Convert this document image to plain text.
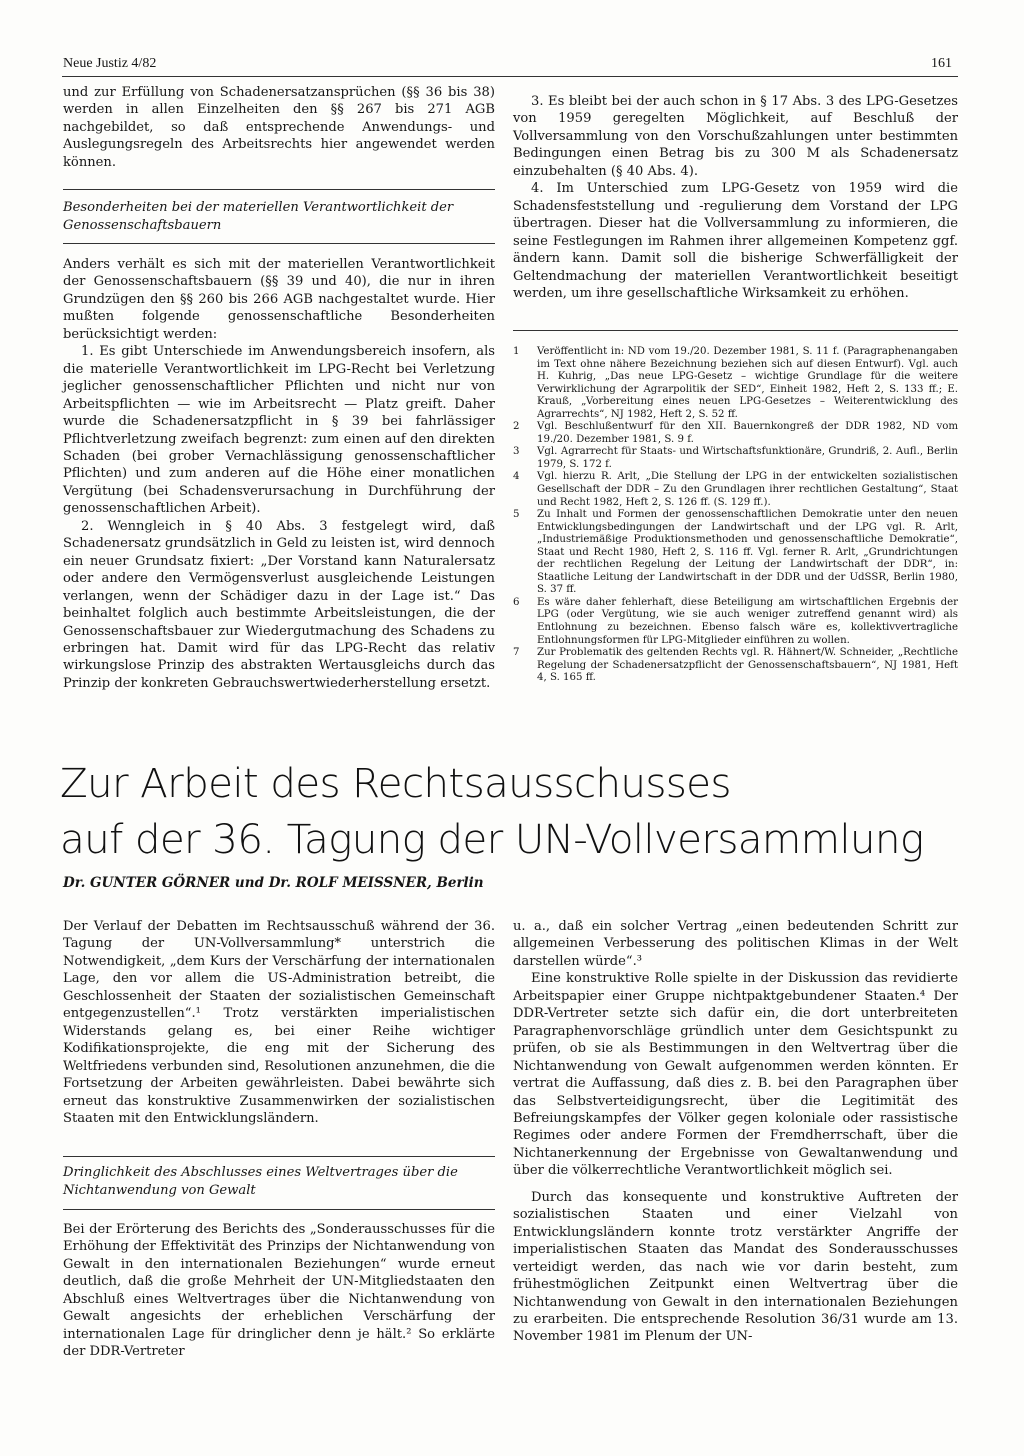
Neue Justiz 4/82	161

und zur Erfüllung von Schadenersatzansprüchen (§§ 36 bis 38) werden in allen Einzelheiten den §§ 267 bis 271 AGB nachgebildet, so daß entsprechende Anwendungs- und Auslegungsregeln des Arbeitsrechts hier angewendet werden können.

Besonderheiten bei der materiellen Verantwortlichkeit der Genossenschaftsbauern

Anders verhält es sich mit der materiellen Verantwortlichkeit der Genossenschaftsbauern (§§ 39 und 40), die nur in ihren Grundzügen den §§ 260 bis 266 AGB nachgestaltet wurde. Hier mußten folgende genossenschaftliche Besonderheiten berücksichtigt werden:

1. Es gibt Unterschiede im Anwendungsbereich insofern, als die materielle Verantwortlichkeit im LPG-Recht bei Verletzung jeglicher genossenschaftlicher Pflichten und nicht nur von Arbeitspflichten — wie im Arbeitsrecht — Platz greift. Daher wurde die Schadenersatzpflicht in § 39 bei fahrlässiger Pflichtverletzung zweifach begrenzt: zum einen auf den direkten Schaden (bei grober Vernachlässigung genossenschaftlicher Pflichten) und zum anderen auf die Höhe einer monatlichen Vergütung (bei Schadensverursachung in Durchführung der genossenschaftlichen Arbeit).

2. Wenngleich in § 40 Abs. 3 festgelegt wird, daß Schadenersatz grundsätzlich in Geld zu leisten ist, wird dennoch ein neuer Grundsatz fixiert: „Der Vorstand kann Naturalersatz oder andere den Vermögensverlust ausgleichende Leistungen verlangen, wenn der Schädiger dazu in der Lage ist.“ Das beinhaltet folglich auch bestimmte Arbeitsleistungen, die der Genossenschaftsbauer zur Wiedergutmachung des Schadens zu erbringen hat. Damit wird für das LPG-Recht das relativ wirkungslose Prinzip des abstrakten Wertausgleichs durch das Prinzip der konkreten Gebrauchswertwiederherstellung ersetzt.

3. Es bleibt bei der auch schon in § 17 Abs. 3 des LPG-Gesetzes von 1959 geregelten Möglichkeit, auf Beschluß der Vollversammlung von den Vorschußzahlungen unter bestimmten Bedingungen einen Betrag bis zu 300 M als Schadenersatz einzubehalten (§ 40 Abs. 4).

4. Im Unterschied zum LPG-Gesetz von 1959 wird die Schadensfeststellung und -regulierung dem Vorstand der LPG übertragen. Dieser hat die Vollversammlung zu informieren, die seine Festlegungen im Rahmen ihrer allgemeinen Kompetenz ggf. ändern kann. Damit soll die bisherige Schwerfälligkeit der Geltendmachung der materiellen Verantwortlichkeit beseitigt werden, um ihre gesellschaftliche Wirksamkeit zu erhöhen.

1	Veröffentlicht in: ND vom 19./20. Dezember 1981, S. 11 f. (Paragraphenangaben im Text ohne nähere Bezeichnung beziehen sich auf diesen Entwurf). Vgl. auch H. Kuhrig, „Das neue LPG-Gesetz – wichtige Grundlage für die weitere Verwirklichung der Agrarpolitik der SED“, Einheit 1982, Heft 2, S. 133 ff.; E. Krauß, „Vorbereitung eines neuen LPG-Gesetzes – Weiterentwicklung des Agrarrechts“, NJ 1982, Heft 2, S. 52 ff.
2	Vgl. Beschlußentwurf für den XII. Bauernkongreß der DDR 1982, ND vom 19./20. Dezember 1981, S. 9 f.
3	Vgl. Agrarrecht für Staats- und Wirtschaftsfunktionäre, Grundriß, 2. Aufl., Berlin 1979, S. 172 f.
4	Vgl. hierzu R. Arlt, „Die Stellung der LPG in der entwickelten sozialistischen Gesellschaft der DDR – Zu den Grundlagen ihrer rechtlichen Gestaltung“, Staat und Recht 1982, Heft 2, S. 126 ff. (S. 129 ff.).
5	Zu Inhalt und Formen der genossenschaftlichen Demokratie unter den neuen Entwicklungsbedingungen der Landwirtschaft und der LPG vgl. R. Arlt, „Industriemäßige Produktionsmethoden und genossenschaftliche Demokratie“, Staat und Recht 1980, Heft 2, S. 116 ff. Vgl. ferner R. Arlt, „Grundrichtungen der rechtlichen Regelung der Leitung der Landwirtschaft der DDR“, in: Staatliche Leitung der Landwirtschaft in der DDR und der UdSSR, Berlin 1980, S. 37 ff.
6	Es wäre daher fehlerhaft, diese Beteiligung am wirtschaftlichen Ergebnis der LPG (oder Vergütung, wie sie auch weniger zutreffend genannt wird) als Entlohnung zu bezeichnen. Ebenso falsch wäre es, kollektivvertragliche Entlohnungsformen für LPG-Mitglieder einführen zu wollen.
7	Zur Problematik des geltenden Rechts vgl. R. Hähnert/W. Schneider, „Rechtliche Regelung der Schadenersatzpflicht der Genossenschaftsbauern“, NJ 1981, Heft 4, S. 165 ff.
Zur Arbeit des Rechtsausschusses
auf der 36. Tagung der UN-Vollversammlung
Dr. GUNTER GÖRNER und Dr. ROLF MEISSNER, Berlin

Der Verlauf der Debatten im Rechtsausschuß während der 36. Tagung der UN-Vollversammlung* unterstrich die Notwendigkeit, „dem Kurs der Verschärfung der internationalen Lage, den vor allem die US-Administration betreibt, die Geschlossenheit der Staaten der sozialistischen Gemeinschaft entgegenzustellen“.¹ Trotz verstärkten imperialistischen Widerstands gelang es, bei einer Reihe wichtiger Kodifikationsprojekte, die eng mit der Sicherung des Weltfriedens verbunden sind, Resolutionen anzunehmen, die die Fortsetzung der Arbeiten gewährleisten. Dabei bewährte sich erneut das konstruktive Zusammenwirken der sozialistischen Staaten mit den Entwicklungsländern.

Dringlichkeit des Abschlusses eines Weltvertrages über die Nichtanwendung von Gewalt

Bei der Erörterung des Berichts des „Sonderausschusses für die Erhöhung der Effektivität des Prinzips der Nichtanwendung von Gewalt in den internationalen Beziehungen“ wurde erneut deutlich, daß die große Mehrheit der UN-Mitgliedstaaten den Abschluß eines Weltvertrages über die Nichtanwendung von Gewalt angesichts der erheblichen Verschärfung der internationalen Lage für dringlicher denn je hält.² So erklärte der DDR-Vertreter

u. a., daß ein solcher Vertrag „einen bedeutenden Schritt zur allgemeinen Verbesserung des politischen Klimas in der Welt darstellen würde“.³

Eine konstruktive Rolle spielte in der Diskussion das revidierte Arbeitspapier einer Gruppe nichtpaktgebundener Staaten.⁴ Der DDR-Vertreter setzte sich dafür ein, die dort unterbreiteten Paragraphenvorschläge gründlich unter dem Gesichtspunkt zu prüfen, ob sie als Bestimmungen in den Weltvertrag über die Nichtanwendung von Gewalt aufgenommen werden könnten. Er vertrat die Auffassung, daß dies z. B. bei den Paragraphen über das Selbstverteidigungsrecht, über die Legitimität des Befreiungskampfes der Völker gegen koloniale oder rassistische Regimes oder andere Formen der Fremdherrschaft, über die Nichtanerkennung der Ergebnisse von Gewaltanwendung und über die völkerrechtliche Verantwortlichkeit möglich sei.

Durch das konsequente und konstruktive Auftreten der sozialistischen Staaten und einer Vielzahl von Entwicklungsländern konnte trotz verstärkter Angriffe der imperialistischen Staaten das Mandat des Sonderausschusses verteidigt werden, das nach wie vor darin besteht, zum frühestmöglichen Zeitpunkt einen Weltvertrag über die Nichtanwendung von Gewalt in den internationalen Beziehungen zu erarbeiten. Die entsprechende Resolution 36/31 wurde am 13. November 1981 im Plenum der UN-
